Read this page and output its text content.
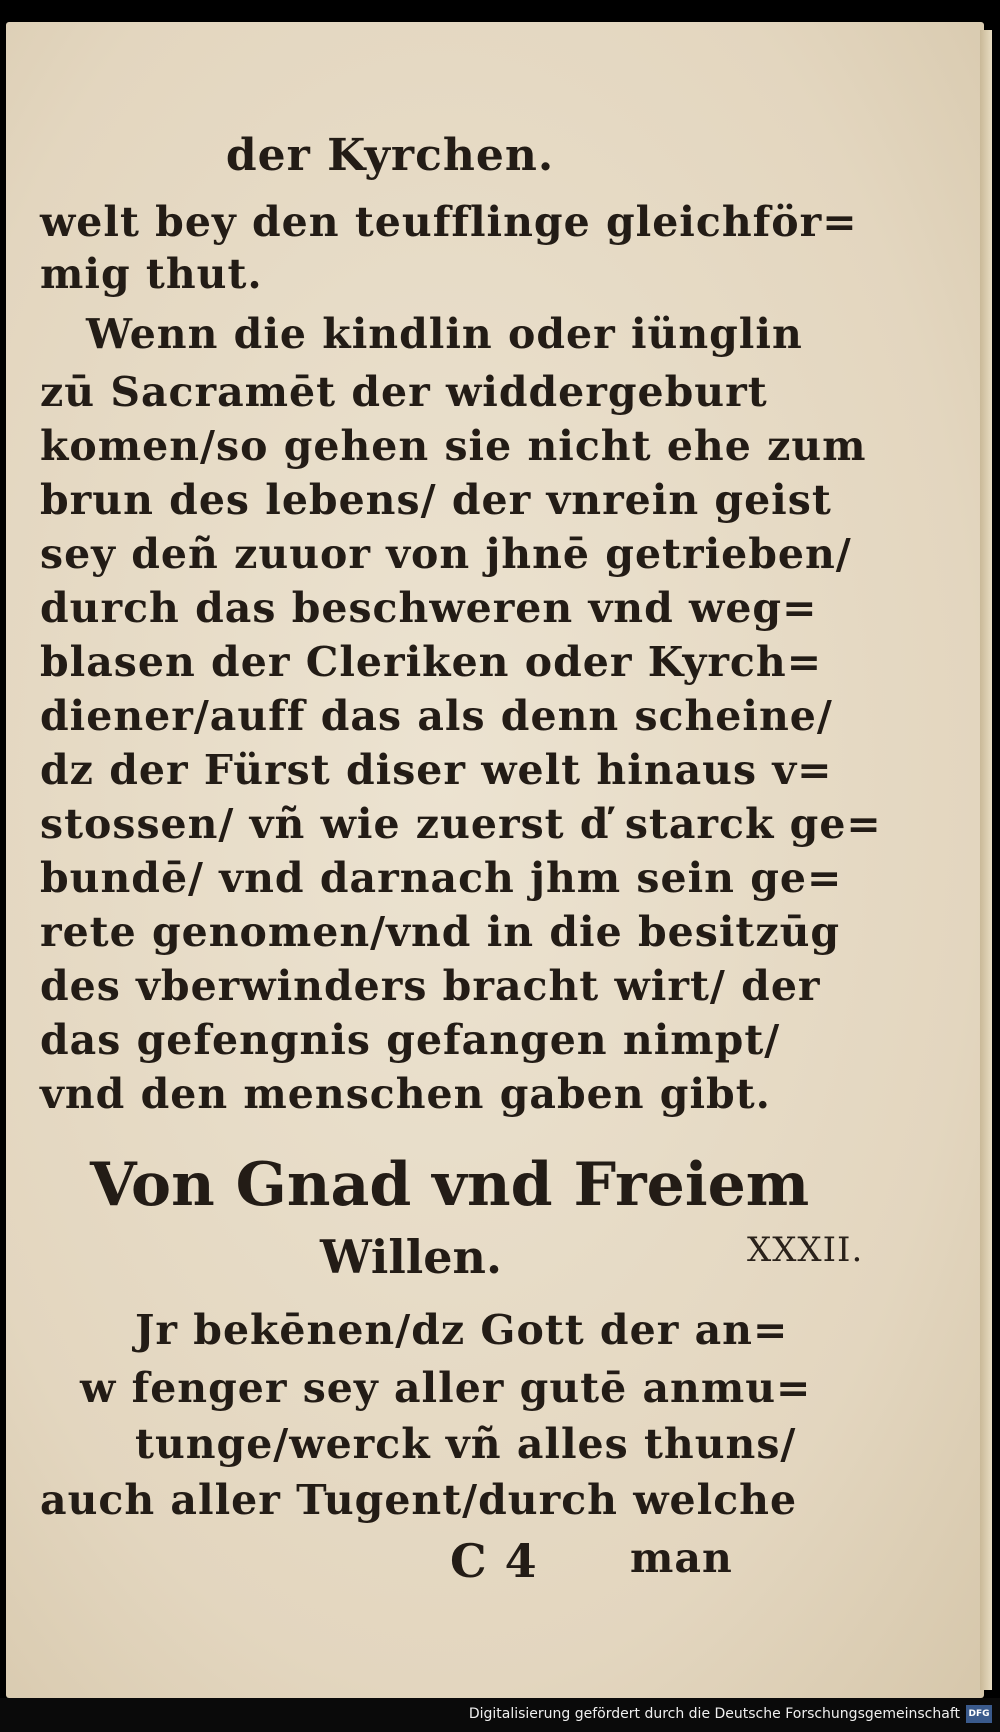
der Kyrchen.
welt bey den teufflinge gleichför=
mig thut.
Wenn die kindlin oder iünglin
zū Sacramēt der widdergeburt
komen/so gehen sie nicht ehe zum
brun des lebens/ der vnrein geist
sey deñ zuuor von jhnē getrieben/
durch das beschweren vnd weg=
blasen der Cleriken oder Kyrch=
diener/auff das als denn scheine/
dz der Fürst diser welt hinaus v=
stossen/ vñ wie zuerst ď starck ge=
bundē/ vnd darnach jhm sein ge=
rete genomen/vnd in die besitzūg
des vberwinders bracht wirt/ der
das gefengnis gefangen nimpt/
vnd den menschen gaben gibt.
Von Gnad vnd Freiem
Willen.
Jr bekēnen/dz Gott der an=
w fenger sey aller gutē anmu=
tunge/werck vñ alles thuns/
auch aller Tugent/durch welche
C 4 man
XXXII.
Digitalisierung gefördert durch die Deutsche Forschungsgemeinschaft DFG
